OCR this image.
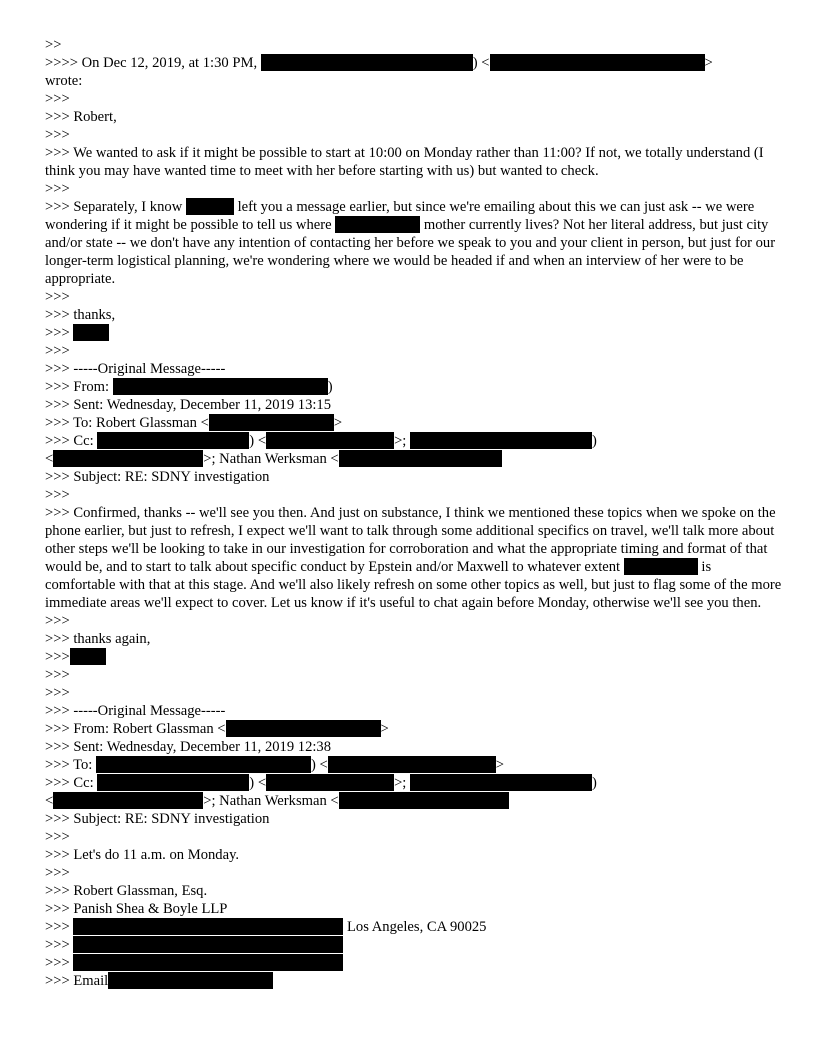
>>
>>>> On Dec 12, 2019, at 1:30 PM,	) <	>
wrote:
>>>
>>> Robert,
>>>
>>> We wanted to ask if it might be possible to start at 10:00 on Monday rather than 11:00? If not, we totally understand (I think you may have wanted time to meet with her before starting with us) but wanted to check.
>>>
>>> Separately, I know	left you a message earlier, but since we're emailing about this we can just ask -- we were wondering if it might be possible to tell us where	mother currently lives? Not her literal address, but just city and/or state -- we don't have any intention of contacting her before we speak to you and your client in person, but just for our longer-term logistical planning, we're wondering where we would be headed if and when an interview of her were to be appropriate.
>>>
>>> thanks,
>>>
>>>
>>> -----Original Message-----
>>> From:	)
>>> Sent: Wednesday, December 11, 2019 13:15
>>> To: Robert Glassman <	>
>>> Cc:	) <	>;	)
<	>; Nathan Werksman <
>>> Subject: RE: SDNY investigation
>>>
>>> Confirmed, thanks -- we'll see you then. And just on substance, I think we mentioned these topics when we spoke on the phone earlier, but just to refresh, I expect we'll want to talk through some additional specifics on travel, we'll talk more about other steps we'll be looking to take in our investigation for corroboration and what the appropriate timing and format of that would be, and to start to talk about specific conduct by Epstein and/or Maxwell to whatever extent	is comfortable with that at this stage. And we'll also likely refresh on some other topics as well, but just to flag some of the more immediate areas we'll expect to cover. Let us know if it's useful to chat again before Monday, otherwise we'll see you then.
>>>
>>> thanks again,
>>>
>>>
>>>
>>> -----Original Message-----
>>> From: Robert Glassman <	>
>>> Sent: Wednesday, December 11, 2019 12:38
>>> To:	) <	>
>>> Cc:	) <	>;	)
<	>; Nathan Werksman <
>>> Subject: RE: SDNY investigation
>>>
>>> Let's do 11 a.m. on Monday.
>>>
>>> Robert Glassman, Esq.
>>> Panish Shea & Boyle LLP
>>>	Los Angeles, CA 90025
>>>
>>>
>>> Email
